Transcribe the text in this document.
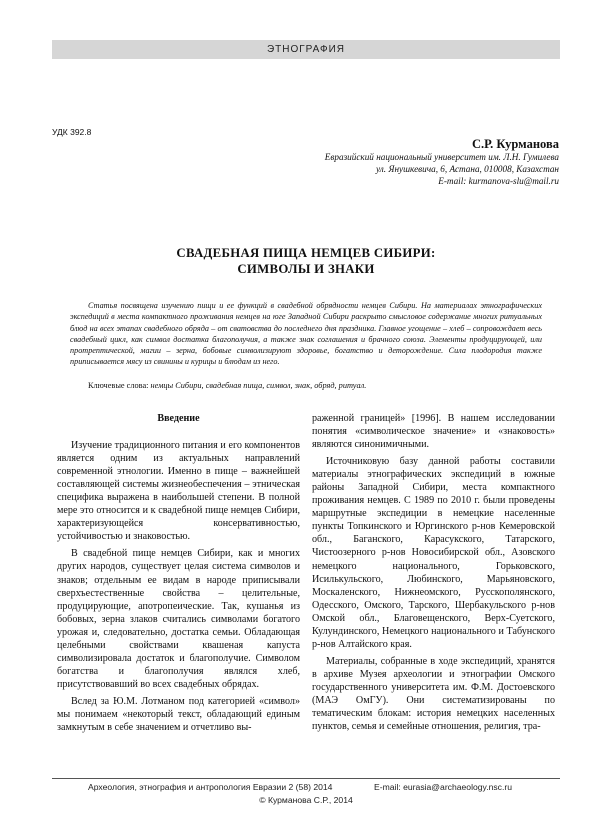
ЭТНОГРАФИЯ
УДК 392.8
С.Р. Курманова
Евразийский национальный университет им. Л.Н. Гумилева
ул. Янушкевича, 6, Астана, 010008, Казахстан
E-mail: kurmanova-slu@mail.ru
СВАДЕБНАЯ ПИЩА НЕМЦЕВ СИБИРИ:
СИМВОЛЫ И ЗНАКИ

Статья посвящена изучению пищи и ее функций в свадебной обрядности немцев Сибири. На материалах этнографических экспедиций в места компактного проживания немцев на юге Западной Сибири раскрыто смысловое содержание многих ритуальных блюд на всех этапах свадебного обряда – от сватовства до последнего дня праздника. Главное угощение – хлеб – сопровождает весь свадебный цикл, как символ достатка благополучия, а также знак соглашения и брачного союза. Элементы продуцирующей, или протрептической, магии – зерна, бобовые символизируют здоровье, богатство и деторождение. Сила плодородия также приписывается мясу из свинины и курицы и блюдам из него.

Ключевые слова: немцы Сибири, свадебная пища, символ, знак, обряд, ритуал.
Введение

Изучение традиционного питания и его компонентов является одним из актуальных направлений современной этнологии. Именно в пище – важнейшей составляющей системы жизнеобеспечения – этническая специфика выражена в наибольшей степени. В полной мере это относится и к свадебной пище немцев Сибири, характеризующейся консервативностью, устойчивостью и знаковостью.

В свадебной пище немцев Сибири, как и многих других народов, существует целая система символов и знаков; отдельным ее видам в народе приписывали сверхъестественные свойства – целительные, продуцирующие, апотропеические. Так, кушанья из бобовых, зерна злаков считались символами богатого урожая и, следовательно, достатка семьи. Обладающая целебными свойствами квашеная капуста символизировала достаток и благополучие. Символом богатства и благополучия являлся хлеб, присутствовавший во всех свадебных обрядах.

Вслед за Ю.М. Лотманом под категорией «символ» мы понимаем «некоторый текст, обладающий единым замкнутым в себе значением и отчетливо вы-

раженной границей» [1996]. В нашем исследовании понятия «символическое значение» и «знаковость» являются синонимичными.

Источниковую базу данной работы составили материалы этнографических экспедиций в южные районы Западной Сибири, места компактного проживания немцев. С 1989 по 2010 г. были проведены маршрутные экспедиции в немецкие населенные пункты Топкинского и Юргинского р-нов Кемеровской обл., Баганского, Карасукского, Татарского, Чистоозерного р-нов Новосибирской обл., Азовского немецкого национального, Горьковского, Исилькульского, Любинского, Марьяновского, Москаленского, Нижнеомского, Русскополянского, Одесского, Омского, Тарского, Шербакульского р-нов Омской обл., Благовещенского, Верх-Суетского, Кулундинского, Немецкого национального и Табунского р-нов Алтайского края.

Материалы, собранные в ходе экспедиций, хранятся в архиве Музея археологии и этнографии Омского государственного университета им. Ф.М. Достоевского (МАЭ ОмГУ). Они систематизированы по тематическим блокам: история немецких населенных пунктов, семья и семейные отношения, религия, тра-

Археология, этнография и антропология Евразии 2 (58) 2014	E-mail: eurasia@archaeology.nsc.ru
© Курманова С.Р., 2014
